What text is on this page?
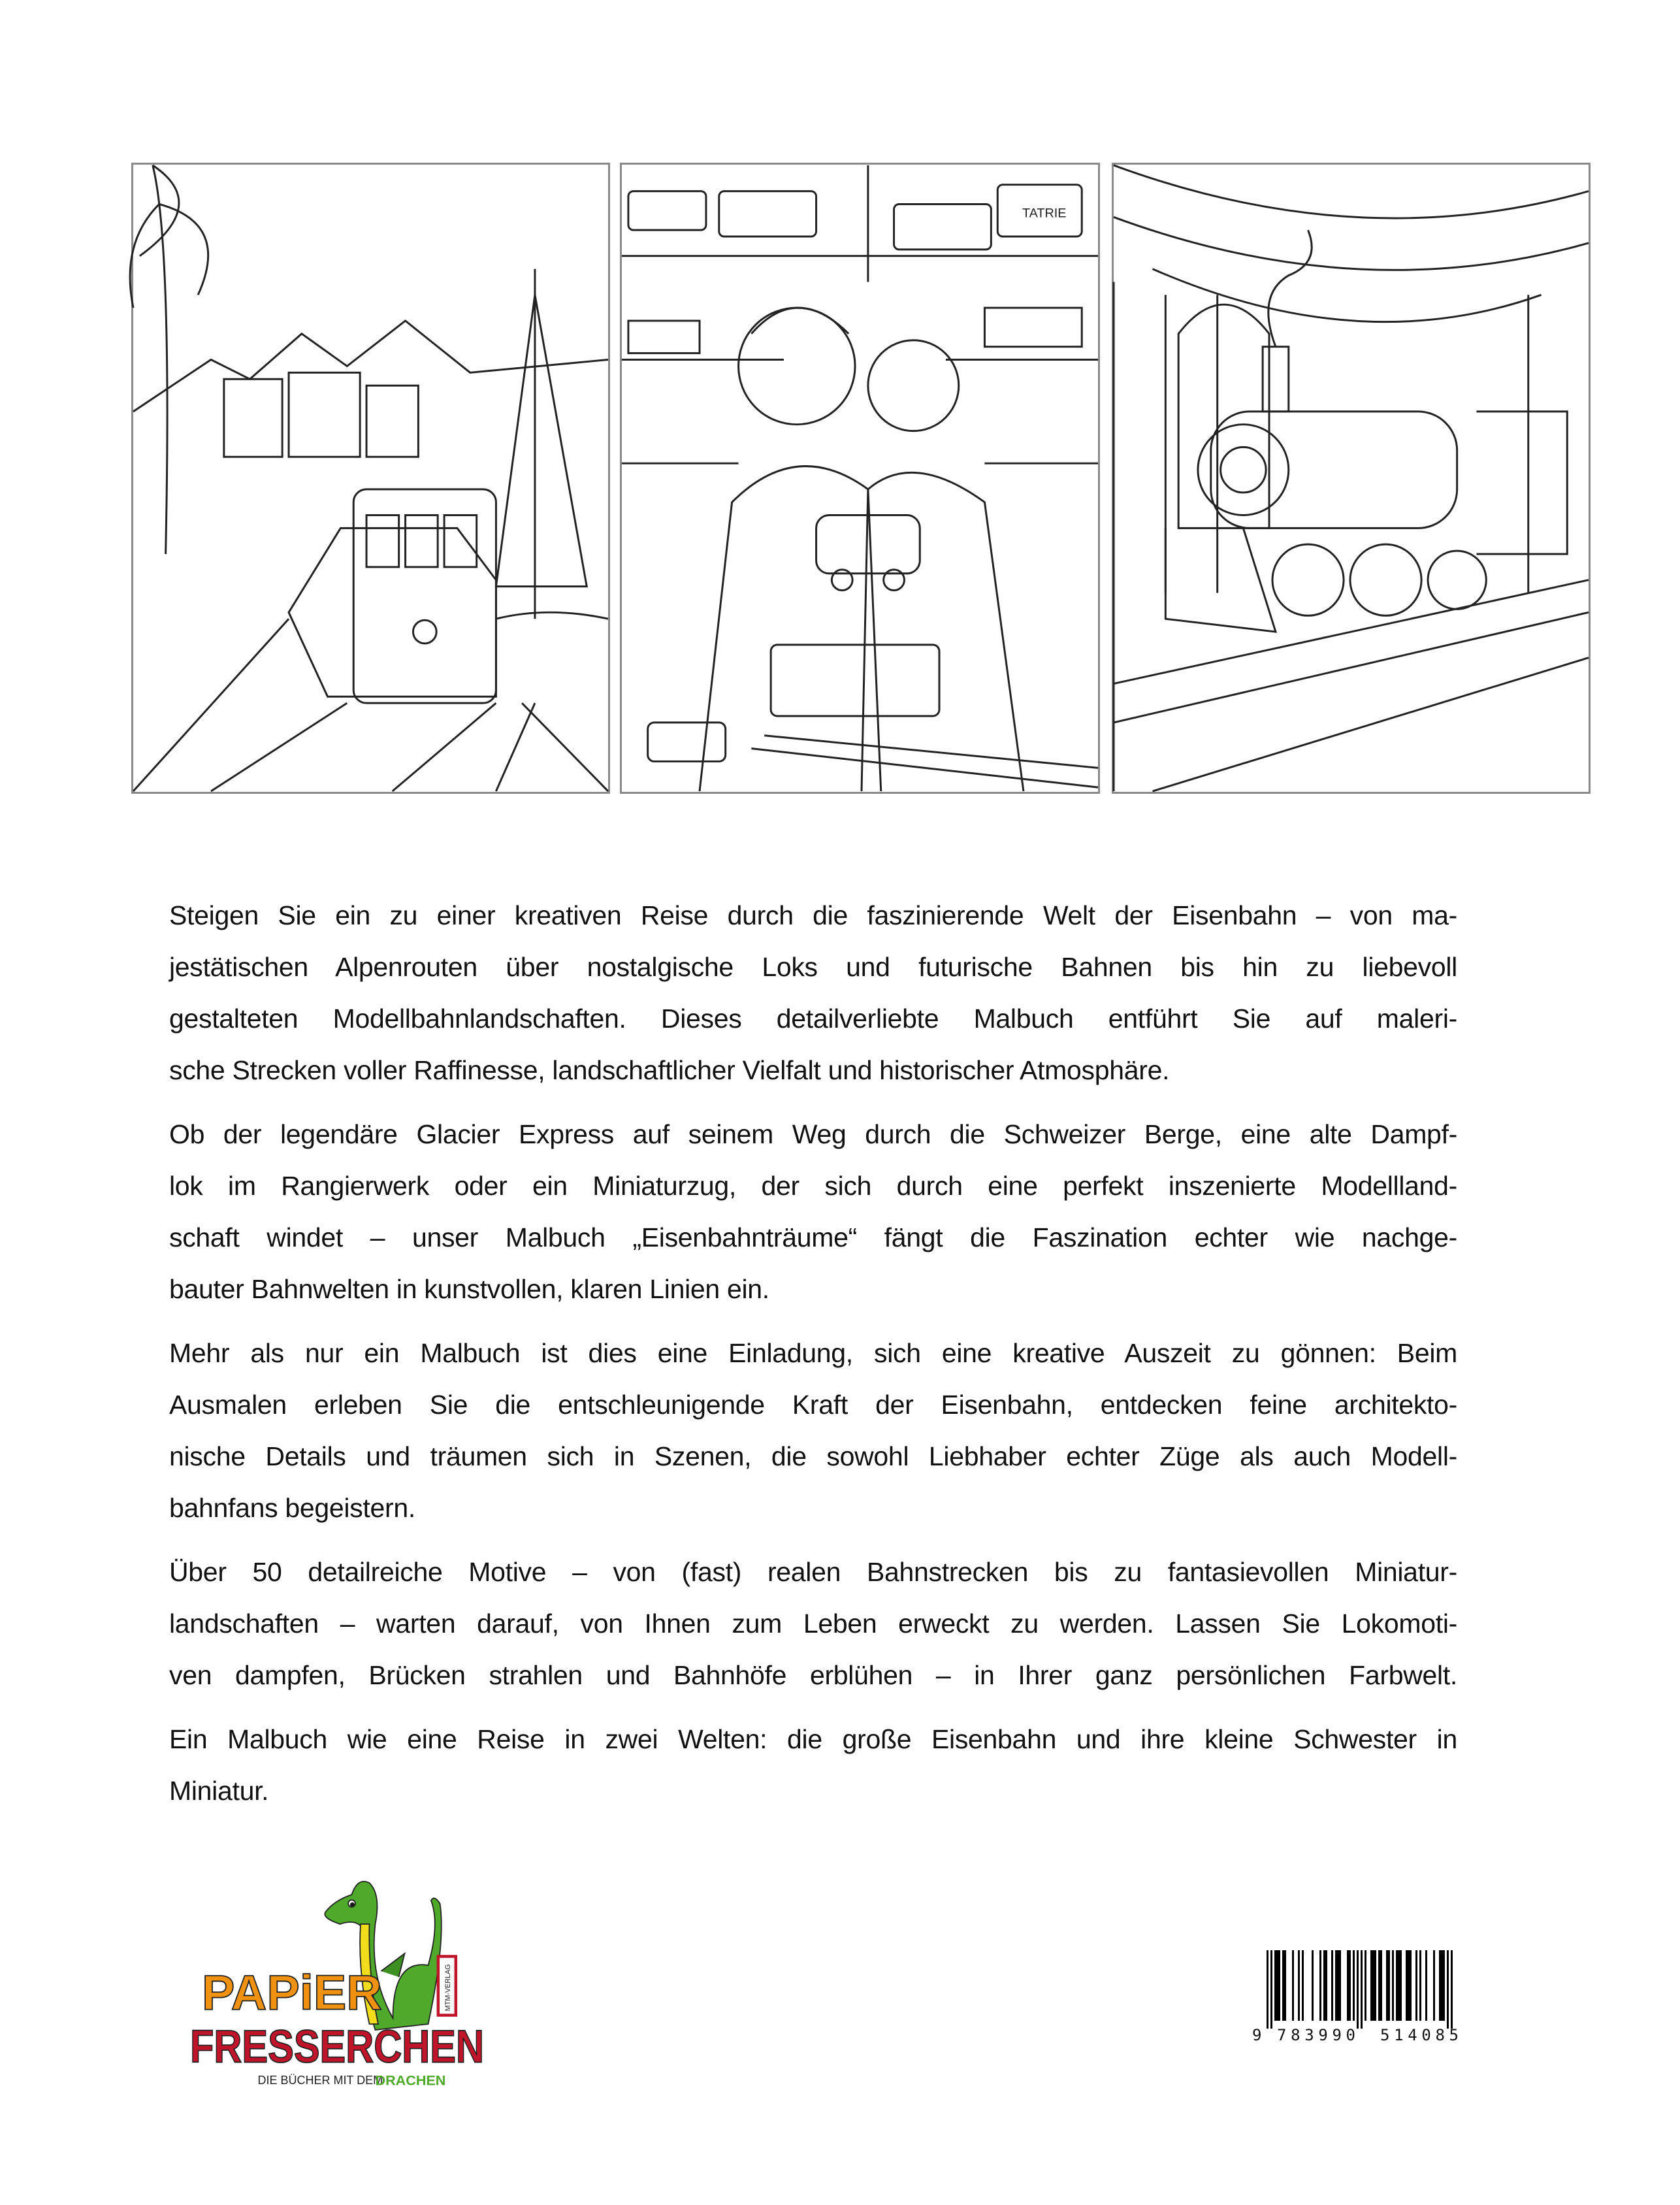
TATRIE
Steigen Sie ein zu einer kreativen Reise durch die faszinierende Welt der Eisenbahn – von ma-
jestätischen Alpenrouten über nostalgische Loks und futurische Bahnen bis hin zu liebevoll
gestalteten Modellbahnlandschaften. Dieses detailverliebte Malbuch entführt Sie auf maleri-
sche Strecken voller Raffinesse, landschaftlicher Vielfalt und historischer Atmosphäre.
Ob der legendäre Glacier Express auf seinem Weg durch die Schweizer Berge, eine alte Dampf-
lok im Rangierwerk oder ein Miniaturzug, der sich durch eine perfekt inszenierte Modellland-
schaft windet – unser Malbuch „Eisenbahnträume“ fängt die Faszination echter wie nachge-
bauter Bahnwelten in kunstvollen, klaren Linien ein.
Mehr als nur ein Malbuch ist dies eine Einladung, sich eine kreative Auszeit zu gönnen: Beim
Ausmalen erleben Sie die entschleunigende Kraft der Eisenbahn, entdecken feine architekto-
nische Details und träumen sich in Szenen, die sowohl Liebhaber echter Züge als auch Modell-
bahnfans begeistern.
Über 50 detailreiche Motive – von (fast) realen Bahnstrecken bis zu fantasievollen Miniatur-
landschaften – warten darauf, von Ihnen zum Leben erweckt zu werden. Lassen Sie Lokomoti-
ven dampfen, Brücken strahlen und Bahnhöfe erblühen – in Ihrer ganz persönlichen Farbwelt.
Ein Malbuch wie eine Reise in zwei Welten: die große Eisenbahn und ihre kleine Schwester in
Miniatur.
MTM-VERLAG
PAPiER
FRESSERCHEN
DIE BÜCHER MIT DEM
DRACHEN
9 783990 514085
